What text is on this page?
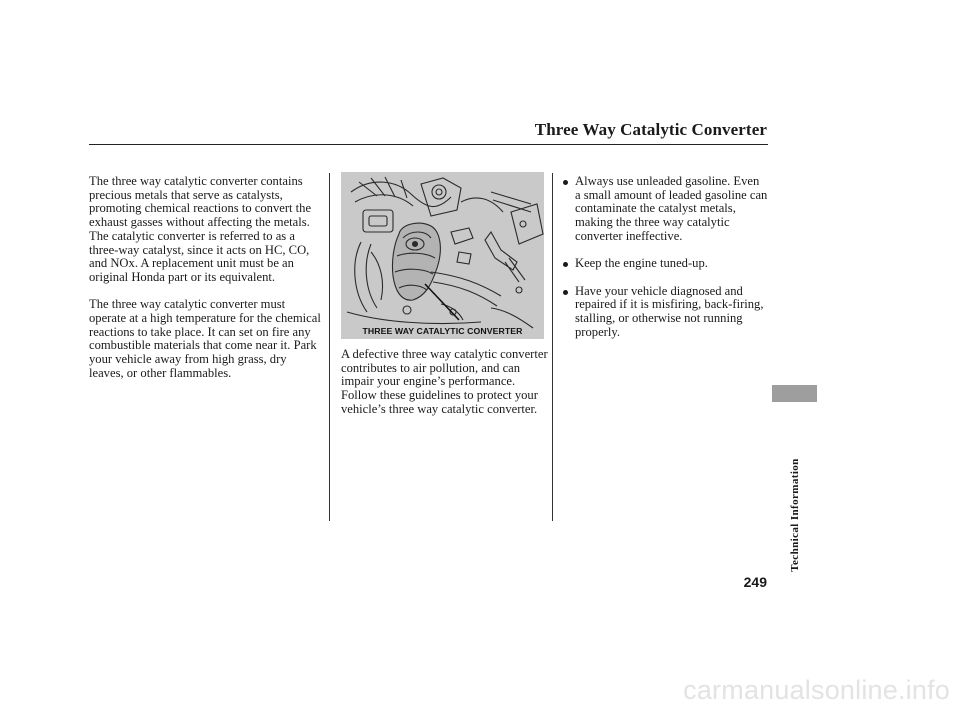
Three Way Catalytic Converter

The three way catalytic converter contains precious metals that serve as catalysts, promoting chemical reactions to convert the exhaust gasses without affecting the metals. The catalytic converter is referred to as a three-way catalyst, since it acts on HC, CO, and NOx. A replacement unit must be an original Honda part or its equivalent.

The three way catalytic converter must operate at a high temperature for the chemical reactions to take place. It can set on fire any combustible materials that come near it. Park your vehicle away from high grass, dry leaves, or other flammables.

THREE WAY CATALYTIC CONVERTER

A defective three way catalytic converter contributes to air pollution, and can impair your engine’s performance. Follow these guidelines to protect your vehicle’s three way catalytic converter.

Always use unleaded gasoline. Even a small amount of leaded gasoline can contaminate the catalyst metals, making the three way catalytic converter ineffective.
Keep the engine tuned-up.
Have your vehicle diagnosed and repaired if it is misfiring, back-firing, stalling, or otherwise not running properly.
Technical Information
249
carmanualsonline.info
